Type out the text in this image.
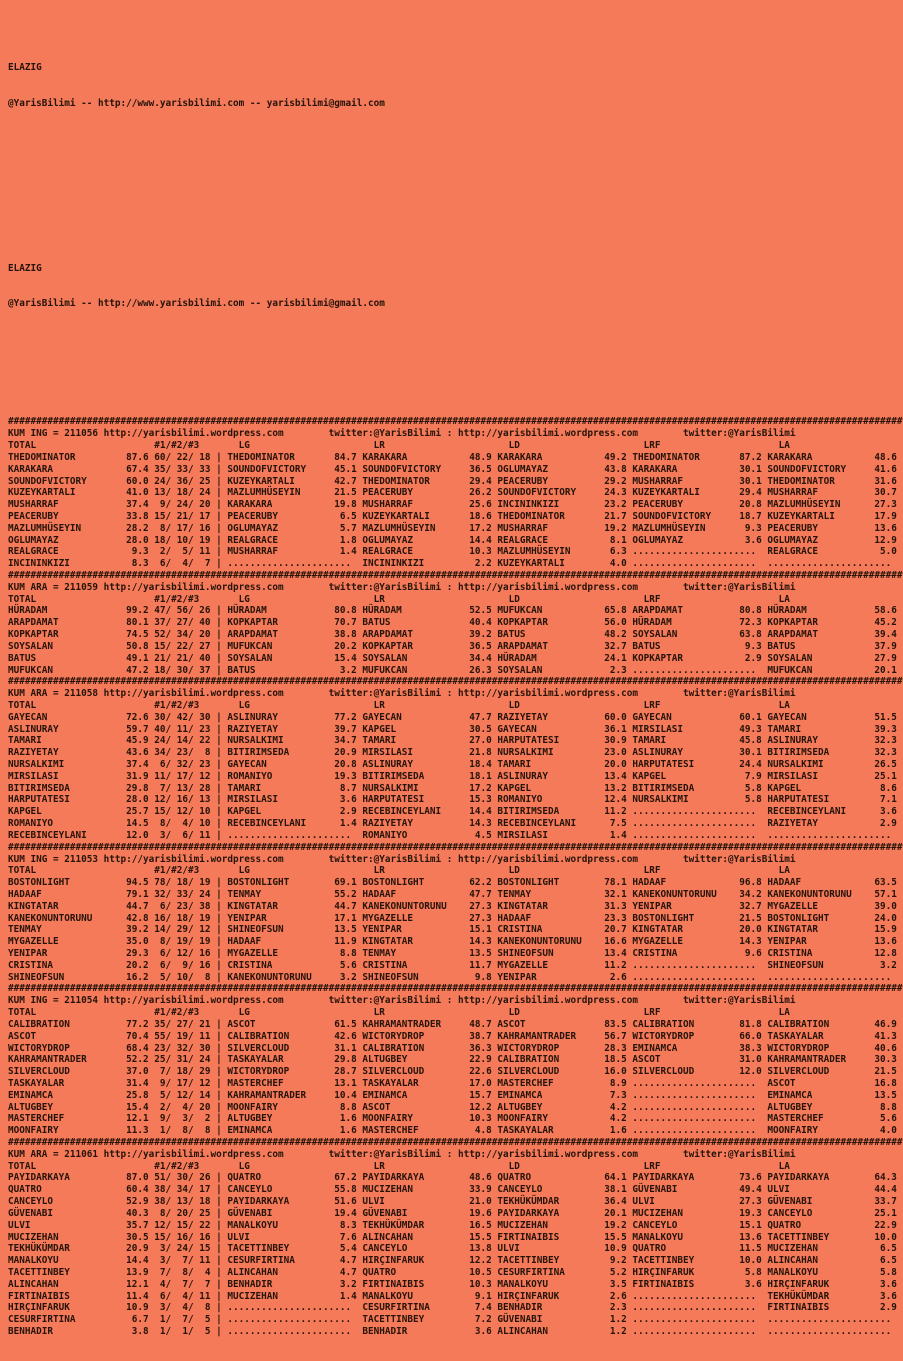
ELAZIG

@YarisBilimi -- http://www.yarisbilimi.com -- yarisbilimi@gmail.com

ELAZIG

@YarisBilimi -- http://www.yarisbilimi.com -- yarisbilimi@gmail.com

###############################################################################################################################################################
KUM ING = 211056 http://yarisbilimi.wordpress.com        twitter:@YarisBilimi : http://yarisbilimi.wordpress.com        twitter:@YarisBilimi
TOTAL                     #1/#2/#3       LG                      LR                      LD                      LRF                     LA
THEDOMINATOR         87.6 60/ 22/ 18 | THEDOMINATOR       84.7 KARAKARA           48.9 KARAKARA           49.2 THEDOMINATOR       87.2 KARAKARA           48.6
KARAKARA             67.4 35/ 33/ 33 | SOUNDOFVICTORY     45.1 SOUNDOFVICTORY     36.5 OGLUMAYAZ          43.8 KARAKARA           30.1 SOUNDOFVICTORY     41.6
SOUNDOFVICTORY       60.0 24/ 36/ 25 | KUZEYKARTALI       42.7 THEDOMINATOR       29.4 PEACERUBY          29.2 MUSHARRAF          30.1 THEDOMINATOR       31.6
KUZEYKARTALI         41.0 13/ 18/ 24 | MAZLUMHÜSEYIN      21.5 PEACERUBY          26.2 SOUNDOFVICTORY     24.3 KUZEYKARTALI       29.4 MUSHARRAF          30.7
MUSHARRAF            37.4  9/ 24/ 20 | KARAKARA           19.8 MUSHARRAF          25.6 INCININKIZI        23.2 PEACERUBY          20.8 MAZLUMHÜSEYIN      27.3
PEACERUBY            33.8 15/ 21/ 17 | PEACERUBY           6.5 KUZEYKARTALI       18.6 THEDOMINATOR       21.7 SOUNDOFVICTORY     18.7 KUZEYKARTALI       17.9
MAZLUMHÜSEYIN        28.2  8/ 17/ 16 | OGLUMAYAZ           5.7 MAZLUMHÜSEYIN      17.2 MUSHARRAF          19.2 MAZLUMHÜSEYIN       9.3 PEACERUBY          13.6
OGLUMAYAZ            28.0 18/ 10/ 19 | REALGRACE           1.8 OGLUMAYAZ          14.4 REALGRACE           8.1 OGLUMAYAZ           3.6 OGLUMAYAZ          12.9
REALGRACE             9.3  2/  5/ 11 | MUSHARRAF           1.4 REALGRACE          10.3 MAZLUMHÜSEYIN       6.3 ......................  REALGRACE           5.0
INCININKIZI           8.3  6/  4/  7 | ......................  INCININKIZI         2.2 KUZEYKARTALI        4.0 ......................  ......................
###############################################################################################################################################################
KUM ARA = 211059 http://yarisbilimi.wordpress.com        twitter:@YarisBilimi : http://yarisbilimi.wordpress.com        twitter:@YarisBilimi
TOTAL                     #1/#2/#3       LG                      LR                      LD                      LRF                     LA
HÜRADAM              99.2 47/ 56/ 26 | HÜRADAM            80.8 HÜRADAM            52.5 MUFUKCAN           65.8 ARAPDAMAT          80.8 HÜRADAM            58.6
ARAPDAMAT            80.1 37/ 27/ 40 | KOPKAPTAR          70.7 BATUS              40.4 KOPKAPTAR          56.0 HÜRADAM            72.3 KOPKAPTAR          45.2
KOPKAPTAR            74.5 52/ 34/ 20 | ARAPDAMAT          38.8 ARAPDAMAT          39.2 BATUS              48.2 SOYSALAN           63.8 ARAPDAMAT          39.4
SOYSALAN             50.8 15/ 22/ 27 | MUFUKCAN           20.2 KOPKAPTAR          36.5 ARAPDAMAT          32.7 BATUS               9.3 BATUS              37.9
BATUS                49.1 21/ 21/ 40 | SOYSALAN           15.4 SOYSALAN           34.4 HÜRADAM            24.1 KOPKAPTAR           2.9 SOYSALAN           27.9
MUFUKCAN             47.2 18/ 30/ 37 | BATUS               3.2 MUFUKCAN           26.3 SOYSALAN            2.3 ......................  MUFUKCAN           20.1
###############################################################################################################################################################
KUM ARA = 211058 http://yarisbilimi.wordpress.com        twitter:@YarisBilimi : http://yarisbilimi.wordpress.com        twitter:@YarisBilimi
TOTAL                     #1/#2/#3       LG                      LR                      LD                      LRF                     LA
GAYECAN              72.6 30/ 42/ 30 | ASLINURAY          77.2 GAYECAN            47.7 RAZIYETAY          60.0 GAYECAN            60.1 GAYECAN            51.5
ASLINURAY            59.7 40/ 11/ 23 | RAZIYETAY          39.7 KAPGEL             30.5 GAYECAN            36.1 MIRSILASI          49.3 TAMARI             39.3
TAMARI               45.9 24/ 14/ 22 | NURSALKIMI         34.7 TAMARI             27.0 HARPUTATESI        30.9 TAMARI             45.8 ASLINURAY          32.3
RAZIYETAY            43.6 34/ 23/  8 | BITIRIMSEDA        20.9 MIRSILASI          21.8 NURSALKIMI         23.0 ASLINURAY          30.1 BITIRIMSEDA        32.3
NURSALKIMI           37.4  6/ 32/ 23 | GAYECAN            20.8 ASLINURAY          18.4 TAMARI             20.0 HARPUTATESI        24.4 NURSALKIMI         26.5
MIRSILASI            31.9 11/ 17/ 12 | ROMANIYO           19.3 BITIRIMSEDA        18.1 ASLINURAY          13.4 KAPGEL              7.9 MIRSILASI          25.1
BITIRIMSEDA          29.8  7/ 13/ 28 | TAMARI              8.7 NURSALKIMI         17.2 KAPGEL             13.2 BITIRIMSEDA         5.8 KAPGEL              8.6
HARPUTATESI          28.0 12/ 16/ 13 | MIRSILASI           3.6 HARPUTATESI        15.3 ROMANIYO           12.4 NURSALKIMI          5.8 HARPUTATESI         7.1
KAPGEL               25.7 15/ 12/ 10 | KAPGEL              2.9 RECEBINCEYLANI     14.4 BITIRIMSEDA        11.2 ......................  RECEBINCEYLANI      3.6
ROMANIYO             14.5  8/  4/ 10 | RECEBINCEYLANI      1.4 RAZIYETAY          14.3 RECEBINCEYLANI      7.5 ......................  RAZIYETAY           2.9
RECEBINCEYLANI       12.0  3/  6/ 11 | ......................  ROMANIYO            4.5 MIRSILASI           1.4 ......................  ......................
###############################################################################################################################################################
KUM ING = 211053 http://yarisbilimi.wordpress.com        twitter:@YarisBilimi : http://yarisbilimi.wordpress.com        twitter:@YarisBilimi
TOTAL                     #1/#2/#3       LG                      LR                      LD                      LRF                     LA
BOSTONLIGHT          94.5 78/ 18/ 19 | BOSTONLIGHT        69.1 BOSTONLIGHT        62.2 BOSTONLIGHT        78.1 HADAAF             96.8 HADAAF             63.5
HADAAF               79.1 32/ 33/ 24 | TENMAY             55.2 HADAAF             47.7 TENMAY             32.1 KANEKONUNTORUNU    34.2 KANEKONUNTORUNU    57.1
KINGTATAR            44.7  6/ 23/ 38 | KINGTATAR          44.7 KANEKONUNTORUNU    27.3 KINGTATAR          31.3 YENIPAR            32.7 MYGAZELLE          39.0
KANEKONUNTORUNU      42.8 16/ 18/ 19 | YENIPAR            17.1 MYGAZELLE          27.3 HADAAF             23.3 BOSTONLIGHT        21.5 BOSTONLIGHT        24.0
TENMAY               39.2 14/ 29/ 12 | SHINEOFSUN         13.5 YENIPAR            15.1 CRISTINA           20.7 KINGTATAR          20.0 KINGTATAR          15.9
MYGAZELLE            35.0  8/ 19/ 19 | HADAAF             11.9 KINGTATAR          14.3 KANEKONUNTORUNU    16.6 MYGAZELLE          14.3 YENIPAR            13.6
YENIPAR              29.3  6/ 12/ 16 | MYGAZELLE           8.8 TENMAY             13.5 SHINEOFSUN         13.4 CRISTINA            9.6 CRISTINA           12.8
CRISTINA             20.2  6/  9/ 16 | CRISTINA            5.6 CRISTINA           11.7 MYGAZELLE          11.2 ......................  SHINEOFSUN          3.2
SHINEOFSUN           16.2  5/ 10/  8 | KANEKONUNTORUNU     3.2 SHINEOFSUN          9.8 YENIPAR             2.6 ......................  ......................
###############################################################################################################################################################
KUM ING = 211054 http://yarisbilimi.wordpress.com        twitter:@YarisBilimi : http://yarisbilimi.wordpress.com        twitter:@YarisBilimi
TOTAL                     #1/#2/#3       LG                      LR                      LD                      LRF                     LA
CALIBRATION          77.2 35/ 27/ 21 | ASCOT              61.5 KAHRAMANTRADER     48.7 ASCOT              83.5 CALIBRATION        81.8 CALIBRATION        46.9
ASCOT                70.4 55/ 19/ 11 | CALIBRATION        42.6 WICTORYDROP        38.7 KAHRAMANTRADER     56.7 WICTORYDROP        66.0 TASKAYALAR         41.3
WICTORYDROP          68.4 23/ 32/ 30 | SILVERCLOUD        31.1 CALIBRATION        36.3 WICTORYDROP        28.3 EMINAMCA           38.3 WICTORYDROP        40.6
KAHRAMANTRADER       52.2 25/ 31/ 24 | TASKAYALAR         29.8 ALTUGBEY           22.9 CALIBRATION        18.5 ASCOT              31.0 KAHRAMANTRADER     30.3
SILVERCLOUD          37.0  7/ 18/ 29 | WICTORYDROP        28.7 SILVERCLOUD        22.6 SILVERCLOUD        16.0 SILVERCLOUD        12.0 SILVERCLOUD        21.5
TASKAYALAR           31.4  9/ 17/ 12 | MASTERCHEF         13.1 TASKAYALAR         17.0 MASTERCHEF          8.9 ......................  ASCOT              16.8
EMINAMCA             25.8  5/ 12/ 14 | KAHRAMANTRADER     10.4 EMINAMCA           15.7 EMINAMCA            7.3 ......................  EMINAMCA           13.5
ALTUGBEY             15.4  2/  4/ 20 | MOONFAIRY           8.8 ASCOT              12.2 ALTUGBEY            4.2 ......................  ALTUGBEY            8.8
MASTERCHEF           12.1  9/  3/  2 | ALTUGBEY            1.6 MOONFAIRY          10.3 MOONFAIRY           4.2 ......................  MASTERCHEF          5.6
MOONFAIRY            11.3  1/  8/  8 | EMINAMCA            1.6 MASTERCHEF          4.8 TASKAYALAR          1.6 ......................  MOONFAIRY           4.0
###############################################################################################################################################################
KUM ARA = 211061 http://yarisbilimi.wordpress.com        twitter:@YarisBilimi : http://yarisbilimi.wordpress.com        twitter:@YarisBilimi
TOTAL                     #1/#2/#3       LG                      LR                      LD                      LRF                     LA
PAYIDARKAYA          87.0 51/ 30/ 26 | QUATRO             67.2 PAYIDARKAYA        48.6 QUATRO             64.1 PAYIDARKAYA        73.6 PAYIDARKAYA        64.3
QUATRO               60.4 38/ 34/ 17 | CANCEYLO           55.8 MUCIZEHAN          33.9 CANCEYLO           38.1 GÜVENABI           49.4 ULVI               44.4
CANCEYLO             52.9 38/ 13/ 18 | PAYIDARKAYA        51.6 ULVI               21.0 TEKHÜKÜMDAR        36.4 ULVI               27.3 GÜVENABI           33.7
GÜVENABI             40.3  8/ 20/ 25 | GÜVENABI           19.4 GÜVENABI           19.6 PAYIDARKAYA        20.1 MUCIZEHAN          19.3 CANCEYLO           25.1
ULVI                 35.7 12/ 15/ 22 | MANALKOYU           8.3 TEKHÜKÜMDAR        16.5 MUCIZEHAN          19.2 CANCEYLO           15.1 QUATRO             22.9
MUCIZEHAN            30.5 15/ 16/ 16 | ULVI                7.6 ALINCAHAN          15.5 FIRTINAIBIS        15.5 MANALKOYU          13.6 TACETTINBEY        10.0
TEKHÜKÜMDAR          20.9  3/ 24/ 15 | TACETTINBEY         5.4 CANCEYLO           13.8 ULVI               10.9 QUATRO             11.5 MUCIZEHAN           6.5
MANALKOYU            14.4  3/  7/ 11 | CESURFIRTINA        4.7 HIRÇINFARUK        12.2 TACETTINBEY         9.2 TACETTINBEY        10.0 ALINCAHAN           6.5
TACETTINBEY          13.9  7/  8/  4 | ALINCAHAN           4.7 QUATRO             10.5 CESURFIRTINA        5.2 HIRÇINFARUK         5.8 MANALKOYU           5.8
ALINCAHAN            12.1  4/  7/  7 | BENHADIR            3.2 FIRTINAIBIS        10.3 MANALKOYU           3.5 FIRTINAIBIS         3.6 HIRÇINFARUK         3.6
FIRTINAIBIS          11.4  6/  4/ 11 | MUCIZEHAN           1.4 MANALKOYU           9.1 HIRÇINFARUK         2.6 ......................  TEKHÜKÜMDAR         3.6
HIRÇINFARUK          10.9  3/  4/  8 | ......................  CESURFIRTINA        7.4 BENHADIR            2.3 ......................  FIRTINAIBIS         2.9
CESURFIRTINA          6.7  1/  7/  5 | ......................  TACETTINBEY         7.2 GÜVENABI            1.2 ......................  ......................
BENHADIR              3.8  1/  1/  5 | ......................  BENHADIR            3.6 ALINCAHAN           1.2 ......................  ......................
